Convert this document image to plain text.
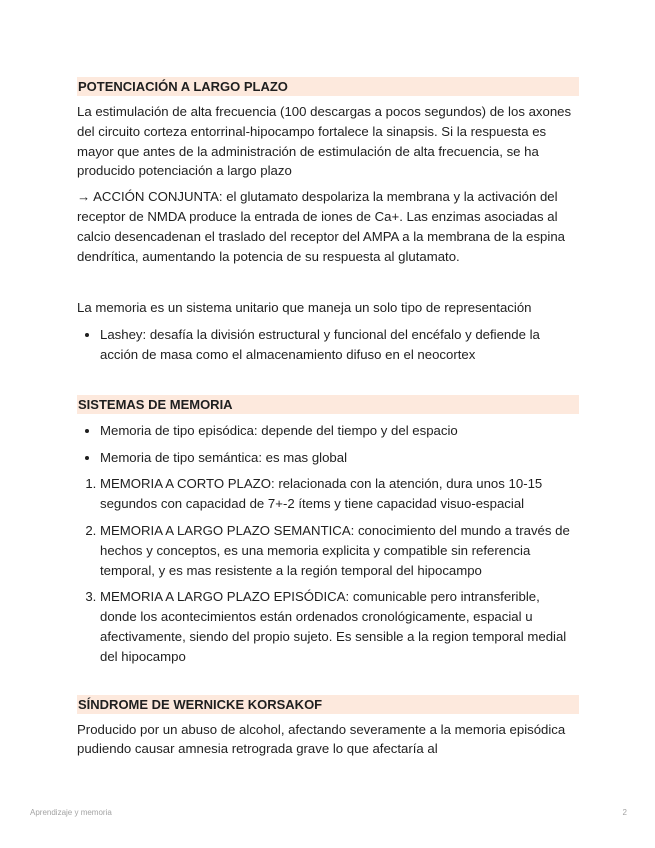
POTENCIACIÓN A LARGO PLAZO

La estimulación de alta frecuencia (100 descargas a pocos segundos) de los axones del circuito corteza entorrinal-hipocampo fortalece la sinapsis. Si la respuesta es mayor que antes de la administración de estimulación de alta frecuencia, se ha producido potenciación a largo plazo

→ ACCIÓN CONJUNTA: el glutamato despolariza la membrana y la activación del receptor de NMDA produce la entrada de iones de Ca+. Las enzimas asociadas al calcio desencadenan el traslado del receptor del AMPA a la membrana de la espina dendrítica, aumentando la potencia de su respuesta al glutamato.

La memoria es un sistema unitario que maneja un solo tipo de representación

• Lashey: desafía la división estructural y funcional del encéfalo y defiende la acción de masa como el almacenamiento difuso en el neocortex
SISTEMAS DE MEMORIA
• Memoria de tipo episódica: depende del tiempo y del espacio
• Memoria de tipo semántica: es mas global
1. MEMORIA A CORTO PLAZO: relacionada con la atención, dura unos 10-15 segundos con capacidad de 7+-2 ítems y tiene capacidad visuo-espacial
2. MEMORIA A LARGO PLAZO SEMANTICA: conocimiento del mundo a través de hechos y conceptos, es una memoria explicita y compatible sin referencia temporal, y es mas resistente a la región temporal del hipocampo
3. MEMORIA A LARGO PLAZO EPISÓDICA: comunicable pero intransferible, donde los acontecimientos están ordenados cronológicamente, espacial u afectivamente, siendo del propio sujeto. Es sensible a la region temporal medial del hipocampo
SÍNDROME DE WERNICKE KORSAKOF

Producido por un abuso de alcohol, afectando severamente a la memoria episódica pudiendo causar amnesia retrograda grave lo que afectaría al

Aprendizaje y memoria	2
